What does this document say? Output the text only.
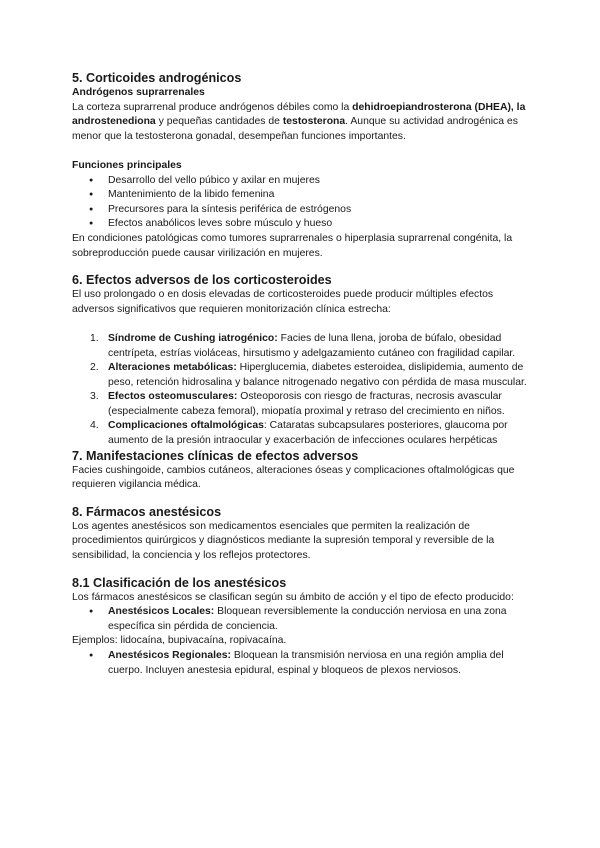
5. Corticoides androgénicos

Andrógenos suprarrenales

La corteza suprarrenal produce andrógenos débiles como la dehidroepiandrosterona (DHEA), la androstenediona y pequeñas cantidades de testosterona. Aunque su actividad androgénica es menor que la testosterona gonadal, desempeñan funciones importantes.

Funciones principales

● Desarrollo del vello púbico y axilar en mujeres
● Mantenimiento de la libido femenina
● Precursores para la síntesis periférica de estrógenos
● Efectos anabólicos leves sobre músculo y hueso

En condiciones patológicas como tumores suprarrenales o hiperplasia suprarrenal congénita, la sobreproducción puede causar virilización en mujeres.

6. Efectos adversos de los corticosteroides

El uso prolongado o en dosis elevadas de corticosteroides puede producir múltiples efectos adversos significativos que requieren monitorización clínica estrecha:

1. Síndrome de Cushing iatrogénico: Facies de luna llena, joroba de búfalo, obesidad centrípeta, estrías violáceas, hirsutismo y adelgazamiento cutáneo con fragilidad capilar.
2. Alteraciones metabólicas: Hiperglucemia, diabetes esteroidea, dislipidemia, aumento de peso, retención hidrosalina y balance nitrogenado negativo con pérdida de masa muscular.
3. Efectos osteomusculares: Osteoporosis con riesgo de fracturas, necrosis avascular (especialmente cabeza femoral), miopatía proximal y retraso del crecimiento en niños.
4. Complicaciones oftalmológicas: Cataratas subcapsulares posteriores, glaucoma por aumento de la presión intraocular y exacerbación de infecciones oculares herpéticas
7. Manifestaciones clínicas de efectos adversos

Facies cushingoide, cambios cutáneos, alteraciones óseas y complicaciones oftalmológicas que requieren vigilancia médica.

8. Fármacos anestésicos

Los agentes anestésicos son medicamentos esenciales que permiten la realización de procedimientos quirúrgicos y diagnósticos mediante la supresión temporal y reversible de la sensibilidad, la conciencia y los reflejos protectores.

8.1 Clasificación de los anestésicos

Los fármacos anestésicos se clasifican según su ámbito de acción y el tipo de efecto producido:

● Anestésicos Locales: Bloquean reversiblemente la conducción nerviosa en una zona específica sin pérdida de conciencia.

Ejemplos: lidocaína, bupivacaína, ropivacaína.

● Anestésicos Regionales: Bloquean la transmisión nerviosa en una región amplia del cuerpo. Incluyen anestesia epidural, espinal y bloqueos de plexos nerviosos.
